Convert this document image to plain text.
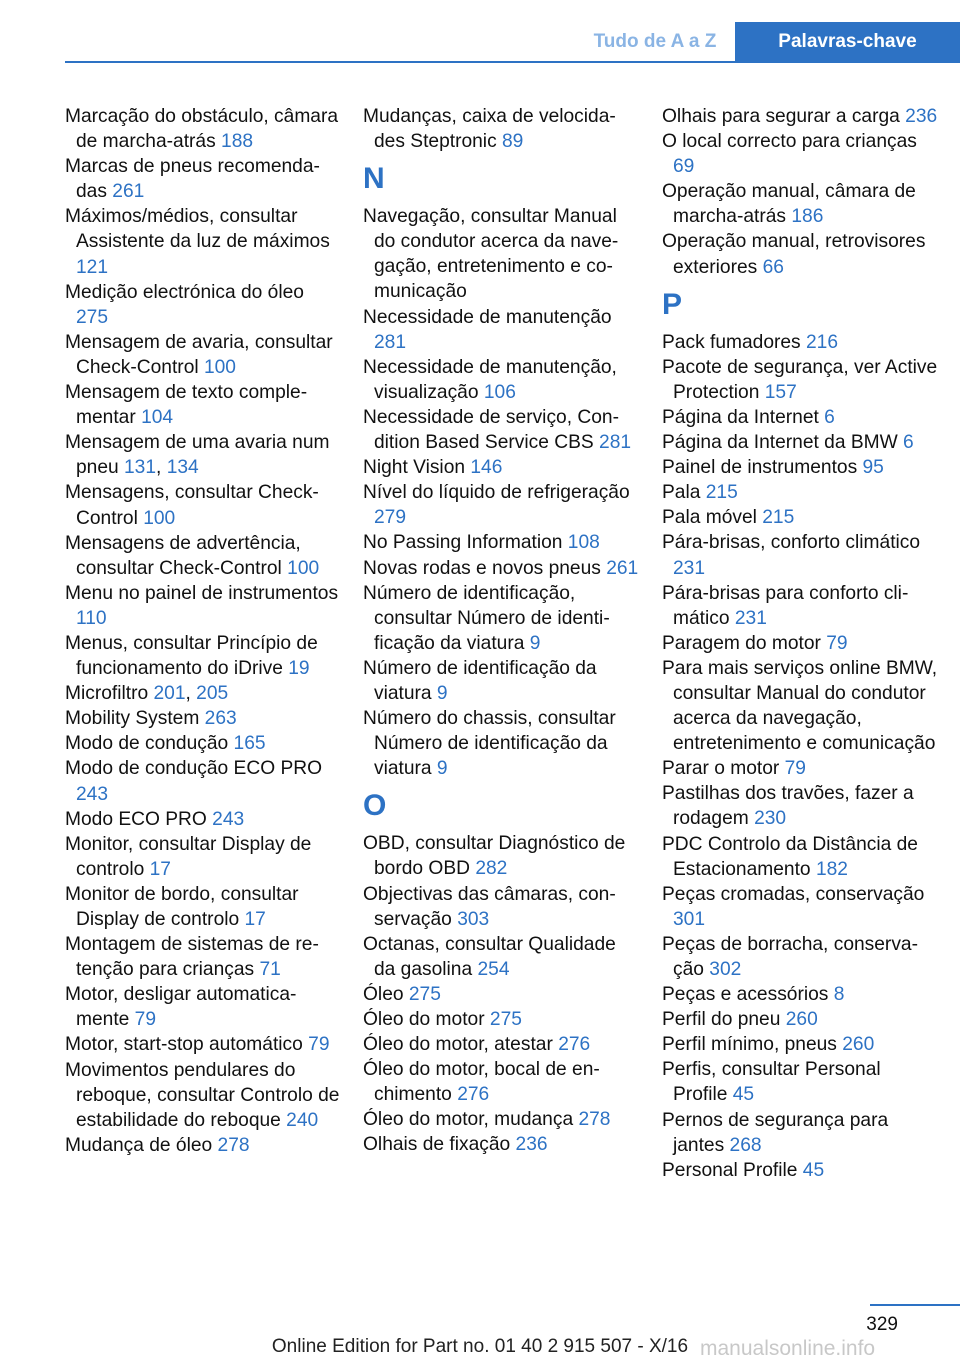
Tudo de A a Z	Palavras-chave

Marcação do obstáculo, câmara de marcha-atrás 188

Marcas de pneus recomendadas 261

Máximos/médios, consultar Assistente da luz de máximos 121

Medição electrónica do óleo 275

Mensagem de avaria, consultar Check-Control 100

Mensagem de texto complementar 104

Mensagem de uma avaria num pneu 131, 134

Mensagens, consultar Check-Control 100

Mensagens de advertência, consultar Check-Control 100

Menu no painel de instrumentos 110

Menus, consultar Princípio de funcionamento do iDrive 19

Microfiltro 201, 205

Mobility System 263

Modo de condução 165

Modo de condução ECO PRO 243

Modo ECO PRO 243

Monitor, consultar Display de controlo 17

Monitor de bordo, consultar Display de controlo 17

Montagem de sistemas de retenção para crianças 71

Motor, desligar automaticamente 79

Motor, start-stop automático 79

Movimentos pendulares do reboque, consultar Controlo de estabilidade do reboque 240

Mudança de óleo 278

Mudanças, caixa de velocidades Steptronic 89

N

Navegação, consultar Manual do condutor acerca da navegação, entretenimento e comunicação

Necessidade de manutenção 281

Necessidade de manutenção, visualização 106

Necessidade de serviço, Condition Based Service CBS 281

Night Vision 146

Nível do líquido de refrigeração 279

No Passing Information 108

Novas rodas e novos pneus 261

Número de identificação, consultar Número de identificação da viatura 9

Número de identificação da viatura 9

Número do chassis, consultar Número de identificação da viatura 9

O

OBD, consultar Diagnóstico de bordo OBD 282

Objectivas das câmaras, conservação 303

Octanas, consultar Qualidade da gasolina 254

Óleo 275

Óleo do motor 275

Óleo do motor, atestar 276

Óleo do motor, bocal de enchimento 276

Óleo do motor, mudança 278

Olhais de fixação 236

Olhais para segurar a carga 236

O local correcto para crianças 69

Operação manual, câmara de marcha-atrás 186

Operação manual, retrovisores exteriores 66

P

Pack fumadores 216

Pacote de segurança, ver Active Protection 157

Página da Internet 6

Página da Internet da BMW 6

Painel de instrumentos 95

Pala 215

Pala móvel 215

Pára-brisas, conforto climático 231

Pára-brisas para conforto climático 231

Paragem do motor 79

Para mais serviços online BMW, consultar Manual do condutor acerca da navegação, entretenimento e comunicação

Parar o motor 79

Pastilhas dos travões, fazer a rodagem 230

PDC Controlo da Distância de Estacionamento 182

Peças cromadas, conservação 301

Peças de borracha, conservação 302

Peças e acessórios 8

Perfil do pneu 260

Perfil mínimo, pneus 260

Perfis, consultar Personal Profile 45

Pernos de segurança para jantes 268

Personal Profile 45

329
Online Edition for Part no. 01 40 2 915 507 - X/16 manualsonline.info
